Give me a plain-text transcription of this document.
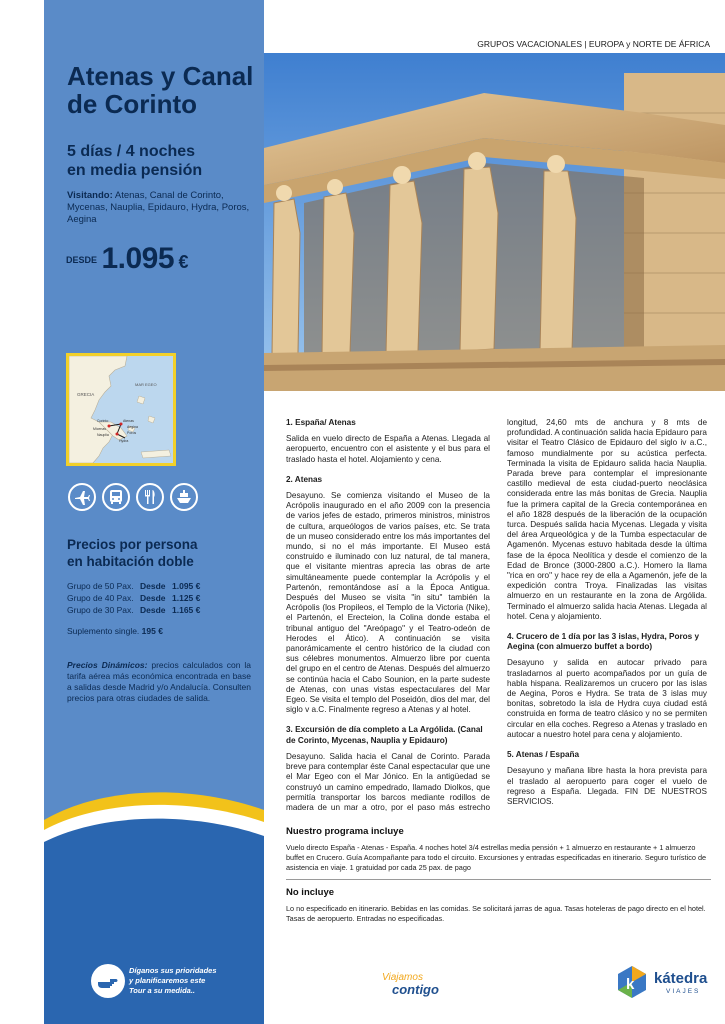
Atenas y Canal
de Corinto
5 días / 4 noches
en media pensión
Visitando: Atenas, Canal de Corinto, Mycenas, Nauplia, Epidauro, Hydra, Poros, Aegina
$^{DESDE}$ 1.095 €
GRECIA
MAR EGEO
Corinto	Atenas
Micenas
Nauplia
Hydra
Poros
Aegina
Precios por persona
en habitación doble
Grupo de 50 Pax. Desde 1.095 €
Grupo de 40 Pax. Desde 1.125 €
Grupo de 30 Pax. Desde 1.165 €
Suplemento single. 195 €
Precios Dinámicos: precios calculados con la tarifa aérea más económica encontrada en base a salidas desde Madrid y/o Andalucía. Consulten precios para otras ciudades de salida.
Díganos sus prioridades
y planificaremos este
Tour a su medida..
GRUPOS VACACIONALES | EUROPA y NORTE DE ÁFRICA
1. España/ Atenas
Salida en vuelo directo de España a Atenas. Llegada al aeropuerto, encuentro con el asistente y el bus para el traslado hasta el hotel. Alojamiento y cena.
2. Atenas
Desayuno. Se comienza visitando el Museo de la Acrópolis inaugurado en el año 2009 con la presencia de varios jefes de estado, primeros ministros, ministros de cultura, arqueólogos de varios países, etc. Se trata de un museo considerado entre los más importantes del mundo, si no el más importante. El Museo está construido e iluminado con luz natural, de tal manera, que el visitante mientras aprecia las obras de arte simultáneamente puede contemplar la Acrópolis y el Partenón, remontándose así a la Época Antigua. Después del Museo se visita "in situ" también la Acrópolis (los Propileos, el Templo de la Victoria (Nike), el Partenón, el Erecteion, la Colina donde estaba el tribunal antiguo del "Areópago" y el Teatro-odeón de Herodes el Ático). A continuación se visita panorámicamente el centro histórico de la ciudad con sus célebres monumentos. Almuerzo libre por cuenta del grupo en el centro de Atenas. Después del almuerzo se continúa hacia el Cabo Sounion, en la parte sudeste de Atenas, con unas vistas espectaculares del Mar Egeo. Se visita el templo del Poseidón, dios del mar, del siglo v a.C. Finalmente regreso a Atenas y al hotel.
3. Excursión de día completo a La Argólida. (Canal de Corinto, Mycenas, Nauplia y Epidauro)
Desayuno. Salida hacia el Canal de Corinto. Parada breve para contemplar éste Canal espectacular que une el Mar Egeo con el Mar Jónico. En la antigüedad se construyó un camino empedrado, llamado Diolkos, que permitía transportar los barcos mediante rodillos de madera de un mar a otro, por el paso más estrecho
longitud, 24,60 mts de anchura y 8 mts de profundidad. A continuación salida hacia Epidauro para visitar el Teatro Clásico de Epidauro del siglo iv a.C., famoso mundialmente por su acústica perfecta. Terminada la visita de Epidauro salida hacia Nauplia. Parada breve para contemplar el impresionante castillo medieval de esta ciudad-puerto neoclásica considerada entre las más bonitas de Grecia. Nauplia fue la primera capital de la Grecia contemporánea en el año 1828 después de la liberación de la ocupación turca. Después salida hacia Mycenas. Llegada y visita del área Arqueológica y de la Tumba espectacular de Agamenón. Mycenas estuvo habitada desde la última fase de la época Neolítica y desde el comienzo de la Edad de Bronce (3000-2800 a.C.). Homero la llama "rica en oro" y hace rey de ella a Agamenón, jefe de la expedición contra Troya. Finalizadas las visitas almuerzo en un restaurante en la zona de Argólida. Terminado el almuerzo salida hacia Atenas. Llegada al hotel. Cena y alojamiento.
4. Crucero de 1 día por las 3 islas, Hydra, Poros y Aegina (con almuerzo buffet a bordo)
Desayuno y salida en autocar privado para trasladarnos al puerto acompañados por un guía de habla hispana. Realizaremos un crucero por las islas de Aegina, Poros e Hydra. Se trata de 3 islas muy bonitas, sobretodo la isla de Hydra cuya ciudad está construida en forma de teatro clásico y no se permiten circular en ella coches. Regreso a Atenas y traslado en autocar a nuestro hotel para cena y alojamiento.
5. Atenas / España
Desayuno y mañana libre hasta la hora prevista para el traslado al aeropuerto para coger el vuelo de regreso a España. Llegada. FIN DE NUESTROS SERVICIOS.
Nuestro programa incluye
Vuelo directo España - Atenas - España. 4 noches hotel 3/4 estrellas media pensión + 1 almuerzo en restaurante + 1 almuerzo buffet en Crucero. Guía Acompañante para todo el circuito. Excursiones y entradas especificadas en itinerario. Seguro turístico de asistencia en viaje. 1 gratuidad por cada 25 pax. de pago
No incluye
Lo no especificado en itinerario. Bebidas en las comidas. Se solicitará jarras de agua. Tasas hoteleras de pago directo en el hotel. Tasas de aeropuerto. Entradas no especificadas.
Viajamos
contigo	k kátedra
VIAJES
